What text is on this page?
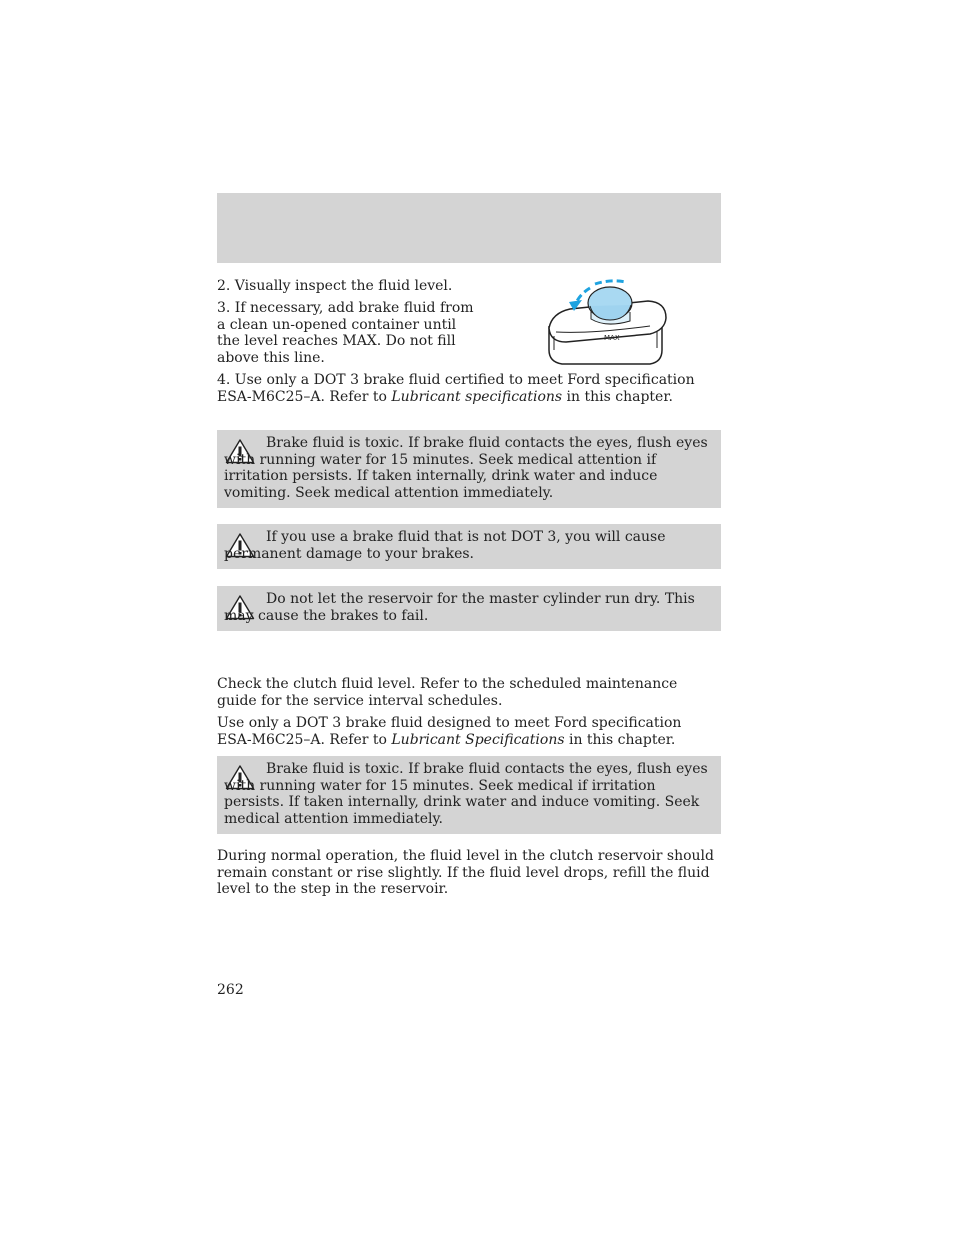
2. Visually inspect the fluid level.
3. If necessary, add brake fluid from a clean un-opened container until the level reaches MAX. Do not fill above this line.
MAX
4. Use only a DOT 3 brake fluid certified to meet Ford specification ESA-M6C25–A. Refer to Lubricant specifications in this chapter.
Brake fluid is toxic. If brake fluid contacts the eyes, flush eyes with running water for 15 minutes. Seek medical attention if irritation persists. If taken internally, drink water and induce vomiting. Seek medical attention immediately.
If you use a brake fluid that is not DOT 3, you will cause permanent damage to your brakes.
Do not let the reservoir for the master cylinder run dry. This may cause the brakes to fail.
Check the clutch fluid level. Refer to the scheduled maintenance guide for the service interval schedules.
Use only a DOT 3 brake fluid designed to meet Ford specification ESA-M6C25–A. Refer to Lubricant Specifications in this chapter.
Brake fluid is toxic. If brake fluid contacts the eyes, flush eyes with running water for 15 minutes. Seek medical if irritation persists. If taken internally, drink water and induce vomiting. Seek medical attention immediately.
During normal operation, the fluid level in the clutch reservoir should remain constant or rise slightly. If the fluid level drops, refill the fluid level to the step in the reservoir.
262
